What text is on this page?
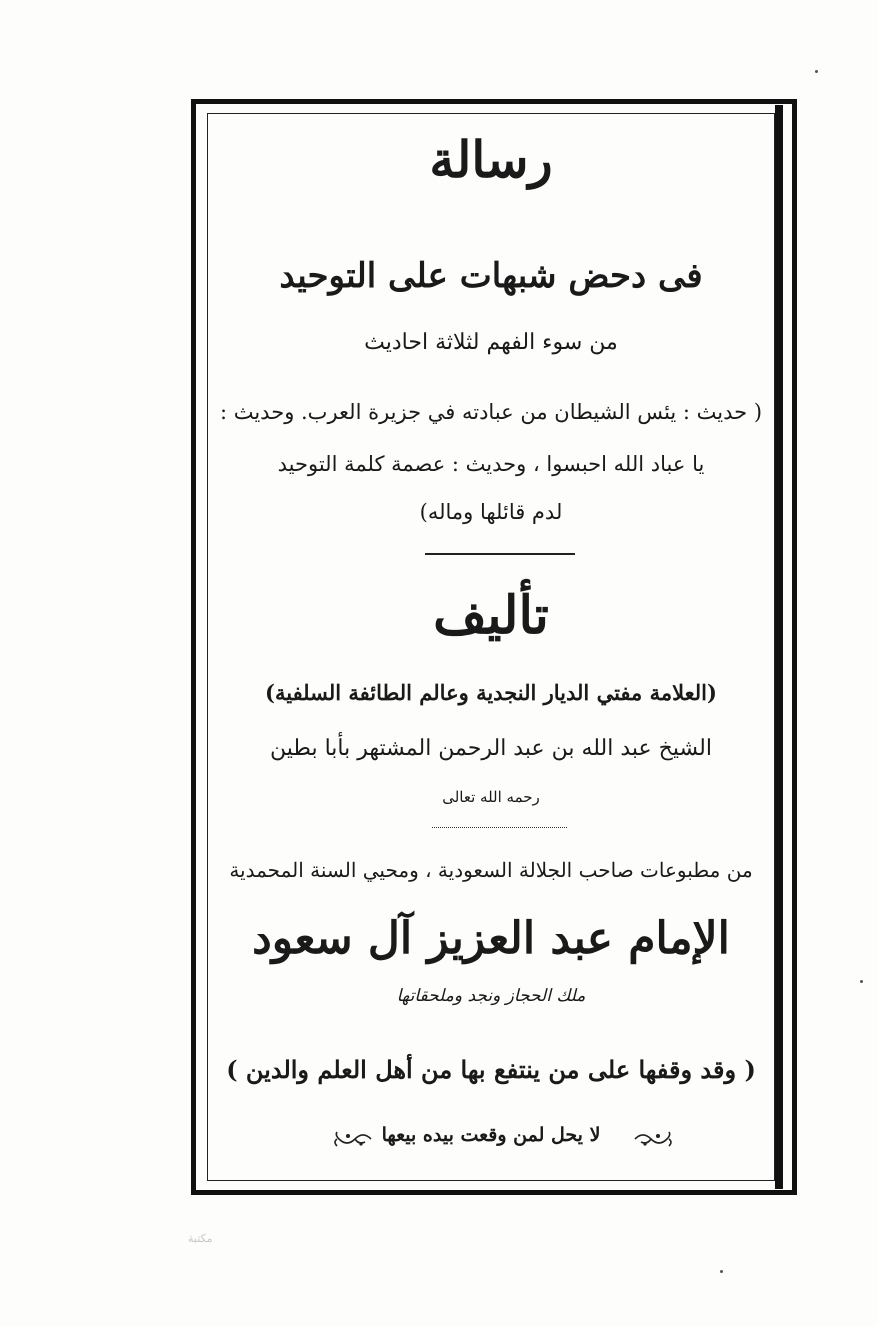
رسالة
فى دحض شبهات على التوحيد
من سوء الفهم لثلاثة احاديث
( حديث : يئس الشيطان من عبادته في جزيرة العرب. وحديث :
يا عباد الله احبسوا ، وحديث : عصمة كلمة التوحيد
لدم قائلها وماله)
تأليف
(العلامة مفتي الديار النجدية وعالم الطائفة السلفية)
الشيخ عبد الله بن عبد الرحمن المشتهر بأبا بطين
رحمه الله تعالى
من مطبوعات صاحب الجلالة السعودية ، ومحيي السنة المحمدية
الإمام عبد العزيز آل سعود
ملك الحجاز ونجد وملحقاتها
( وقد وقفها على من ينتفع بها من أهل العلم والدين )
لا يحل لمن وقعت بيده بيعها
مكتبة
